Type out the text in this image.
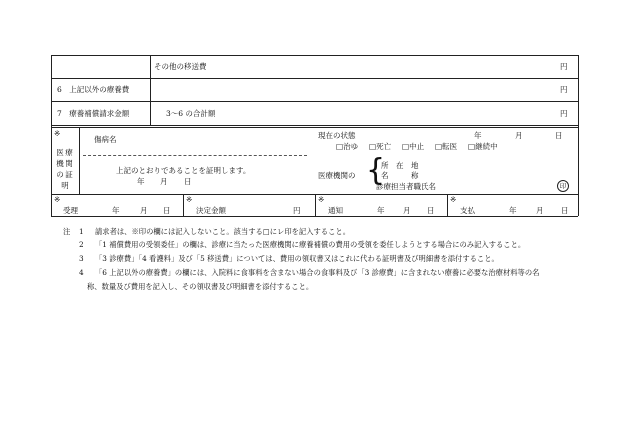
その他の移送費	円
6　上記以外の療養費	円
7　療養補償請求金額	3〜6 の合計額	円
※
医 療
機 関
の 証
明
傷病名	現在の状態	年	月	日
□治ゆ □死亡 □中止 □転医 □継続中
上記のとおりであることを証明します。
年 月 日
医療機関の {
所　在　地
名　　　称
診療担当者職氏名	印
※
受理	年	月 日
※
決定金額	円
※
通知	年 月 日
※
支払	年	月 日
注 1 請求者は、※印の欄には記入しないこと。該当する□にレ印を記入すること。
2 「1 補償費用の受領委任」の欄は、診療に当たった医療機関に療養補償の費用の受領を委任しようとする場合にのみ記入すること。
3 「3 診療費」「4 看護料」及び「5 移送費」については、費用の領収書又はこれに代わる証明書及び明細書を添付すること。
4 「6 上記以外の療養費」の欄には、入院料に食事料を含まない場合の食事料及び「3 診療費」に含まれない療養に必要な治療材料等の名
称、数量及び費用を記入し、その領収書及び明細書を添付すること。
